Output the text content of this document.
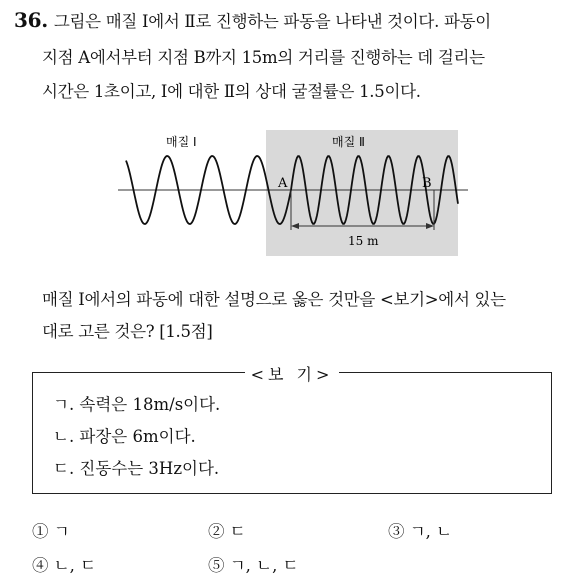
36. 그림은 매질 Ⅰ에서 Ⅱ로 진행하는 파동을 나타낸 것이다. 파동이
지점 A에서부터 지점 B까지 15m의 거리를 진행하는 데 걸리는
시간은 1초이고, Ⅰ에 대한 Ⅱ의 상대 굴절률은 1.5이다.
매질 Ⅰ	매질 Ⅱ
A	B
15 m
매질 Ⅰ에서의 파동에 대한 설명으로 옳은 것만을 <보기>에서 있는
대로 고른 것은? [1.5점]
<보 기>
ㄱ. 속력은 18m/s이다.
ㄴ. 파장은 6m이다.
ㄷ. 진동수는 3Hz이다.
① ㄱ	② ㄷ	③ ㄱ, ㄴ
④ ㄴ, ㄷ	⑤ ㄱ, ㄴ, ㄷ
